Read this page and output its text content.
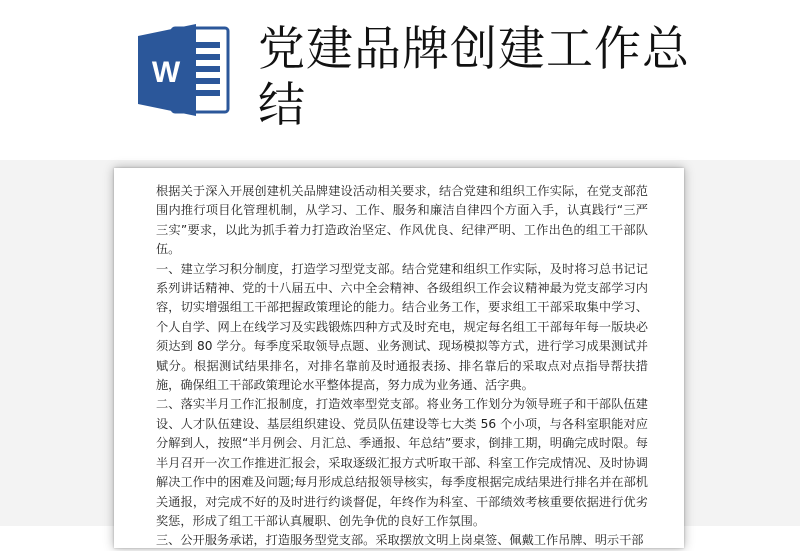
W 党建品牌创建工作总结

根据关于深入开展创建机关品牌建设活动相关要求，结合党建和组织工作实际，在党支部范围内推行项目化管理机制，从学习、工作、服务和廉洁自律四个方面入手，认真践行“三严三实”要求，以此为抓手着力打造政治坚定、作风优良、纪律严明、工作出色的组工干部队伍。

一、建立学习积分制度，打造学习型党支部。结合党建和组织工作实际，及时将习总书记记系列讲话精神、党的十八届五中、六中全会精神、各级组织工作会议精神最为党支部学习内容，切实增强组工干部把握政策理论的能力。结合业务工作，要求组工干部采取集中学习、个人自学、网上在线学习及实践锻炼四种方式及时充电，规定每名组工干部每年每一版块必须达到 80 学分。每季度采取领导点题、业务测试、现场模拟等方式，进行学习成果测试并赋分。根据测试结果排名，对排名靠前及时通报表扬、排名靠后的采取点对点指导帮扶措施，确保组工干部政策理论水平整体提高，努力成为业务通、活字典。

二、落实半月工作汇报制度，打造效率型党支部。将业务工作划分为领导班子和干部队伍建设、人才队伍建设、基层组织建设、党员队伍建设等七大类 56 个小项，与各科室职能对应分解到人，按照“半月例会、月汇总、季通报、年总结”要求，倒排工期，明确完成时限。每半月召开一次工作推进汇报会，采取逐级汇报方式听取干部、科室工作完成情况、及时协调解决工作中的困难及问题;每月形成总结报领导核实，每季度根据完成结果进行排名并在部机关通报，对完成不好的及时进行约谈督促，年终作为科室、干部绩效考核重要依据进行优劣奖惩，形成了组工干部认真履职、创先争优的良好工作氛围。

三、公开服务承诺，打造服务型党支部。采取摆放文明上岗桌签、佩戴工作吊牌、明示干部
